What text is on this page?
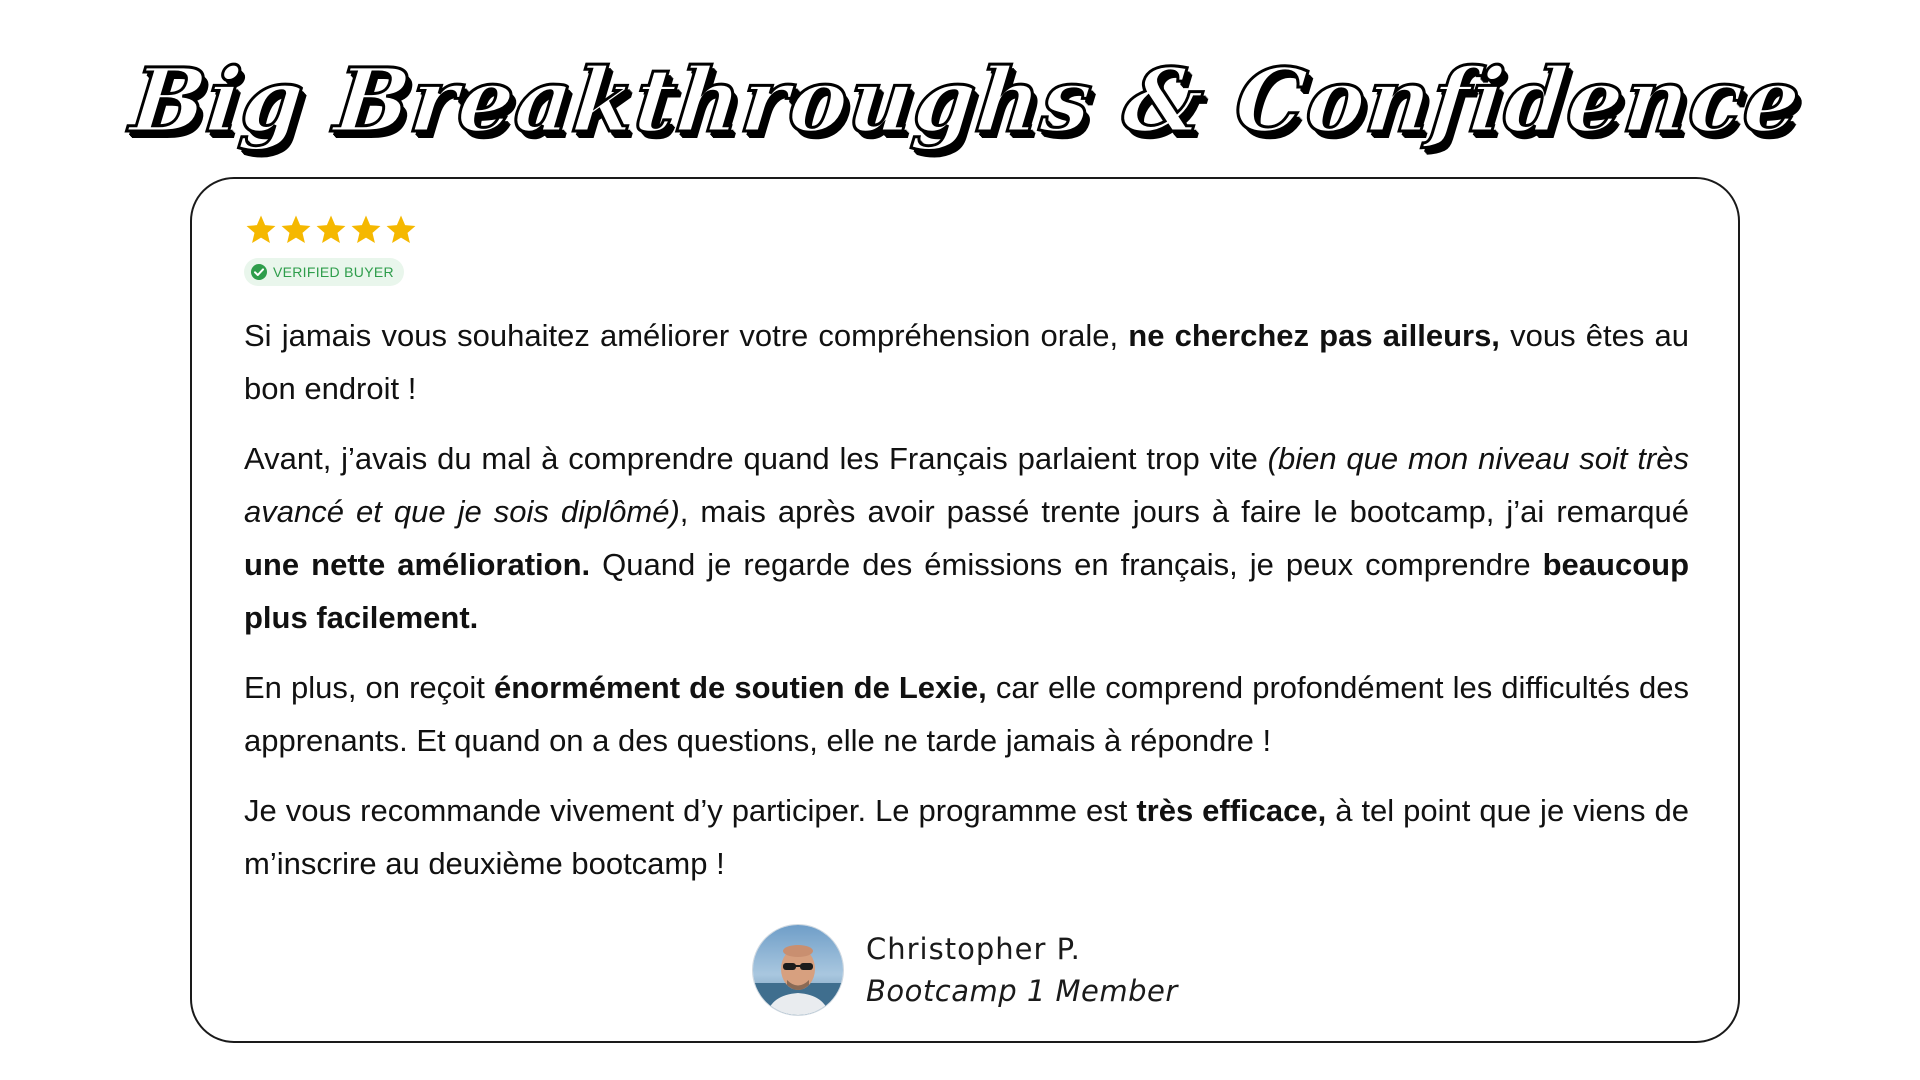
Big Breakthroughs & Confidence
VERIFIED BUYER

Si jamais vous souhaitez améliorer votre compréhension orale, ne cherchez pas ailleurs, vous êtes au bon endroit !

Avant, j’avais du mal à comprendre quand les Français parlaient trop vite (bien que mon niveau soit très avancé et que je sois diplômé), mais après avoir passé trente jours à faire le bootcamp, j’ai remarqué une nette amélioration. Quand je regarde des émissions en français, je peux comprendre beaucoup plus facilement.

En plus, on reçoit énormément de soutien de Lexie, car elle comprend profondément les difficultés des apprenants. Et quand on a des questions, elle ne tarde jamais à répondre !

Je vous recommande vivement d’y participer. Le programme est très efficace, à tel point que je viens de m’inscrire au deuxième bootcamp !

Christopher P.
Bootcamp 1 Member
